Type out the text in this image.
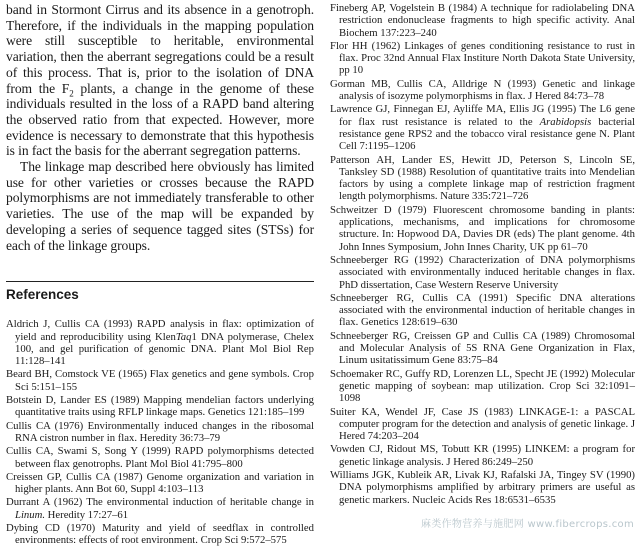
band in Stormont Cirrus and its absence in a genotroph. Therefore, if the individuals in the mapping population were still susceptible to heritable, environmental variation, then the aberrant segregations could be a result of this process. That is, prior to the isolation of DNA from the $F_2$ plants, a change in the genome of these individuals resulted in the loss of a RAPD band altering the observed ratio from that expected. However, more evidence is necessary to demonstrate that this hypothesis is in fact the basis for the aberrant segregation patterns.

The linkage map described here obviously has limited use for other varieties or crosses because the RAPD polymorphisms are not immediately transferable to other varieties. The use of the map will be expanded by developing a series of sequence tagged sites (STSs) for each of the linkage groups.

References

Aldrich J, Cullis CA (1993) RAPD analysis in flax: optimization of yield and reproducibility using KlenTaq1 DNA polymerase, Chelex 100, and gel purification of genomic DNA. Plant Mol Biol Rep 11:128–141

Beard BH, Comstock VE (1965) Flax genetics and gene symbols. Crop Sci 5:151–155

Botstein D, Lander ES (1989) Mapping mendelian factors underlying quantitative traits using RFLP linkage maps. Genetics 121:185–199

Cullis CA (1976) Environmentally induced changes in the ribosomal RNA cistron number in flax. Heredity 36:73–79

Cullis CA, Swami S, Song Y (1999) RAPD polymorphisms detected between flax genotrophs. Plant Mol Biol 41:795–800

Creissen GP, Cullis CA (1987) Genome organization and variation in higher plants. Ann Bot 60, Suppl 4:103–113

Durrant A (1962) The environmental induction of heritable change in Linum. Heredity 17:27–61

Dybing CD (1970) Maturity and yield of seedflax in controlled environments: effects of root environment. Crop Sci 9:572–575

Fineberg AP, Vogelstein B (1984) A technique for radiolabeling DNA restriction endonuclease fragments to high specific activity. Anal Biochem 137:223–240

Flor HH (1962) Linkages of genes conditioning resistance to rust in flax. Proc 32nd Annual Flax Institure North Dakota State University, pp 10

Gorman MB, Cullis CA, Alldrige N (1993) Genetic and linkage analysis of isozyme polymorphisms in flax. J Hered 84:73–78

Lawrence GJ, Finnegan EJ, Ayliffe MA, Ellis JG (1995) The L6 gene for flax rust resistance is related to the Arabidopsis bacterial resistance gene RPS2 and the tobacco viral resistance gene N. Plant Cell 7:1195–1206

Patterson AH, Lander ES, Hewitt JD, Peterson S, Lincoln SE, Tanksley SD (1988) Resolution of quantitative traits into Mendelian factors by using a complete linkage map of restriction fragment length polymorphisms. Nature 335:721–726

Schweitzer D (1979) Fluorescent chromosome banding in plants: applications, mechanisms, and implications for chromosome structure. In: Hopwood DA, Davies DR (eds) The plant genome. 4th John Innes Symposium, John Innes Charity, UK pp 61–70

Schneeberger RG (1992) Characterization of DNA polymorphisms associated with environmentally induced heritable changes in flax. PhD dissertation, Case Western Reserve University

Schneeberger RG, Cullis CA (1991) Specific DNA alterations associated with the environmental induction of heritable changes in flax. Genetics 128:619–630

Schneeberger RG, Creissen GP and Cullis CA (1989) Chromosomal and Molecular Analysis of 5S RNA Gene Organization in Flax, Linum usitatissimum Gene 83:75–84

Schoemaker RC, Guffy RD, Lorenzen LL, Specht JE (1992) Molecular genetic mapping of soybean: map utilization. Crop Sci 32:1091–1098

Suiter KA, Wendel JF, Case JS (1983) LINKAGE-1: a PASCAL computer program for the detection and analysis of genetic linkage. J Hered 74:203–204

Vowden CJ, Ridout MS, Tobutt KR (1995) LINKEM: a program for genetic linkage analysis. J Hered 86:249–250

Williams JGK, Kubleik AR, Livak KJ, Rafalski JA, Tingey SV (1990) DNA polymorphisms amplified by arbitrary primers are useful as genetic markers. Nucleic Acids Res 18:6531–6535

麻类作物营养与施肥网 www.fibercrops.com
